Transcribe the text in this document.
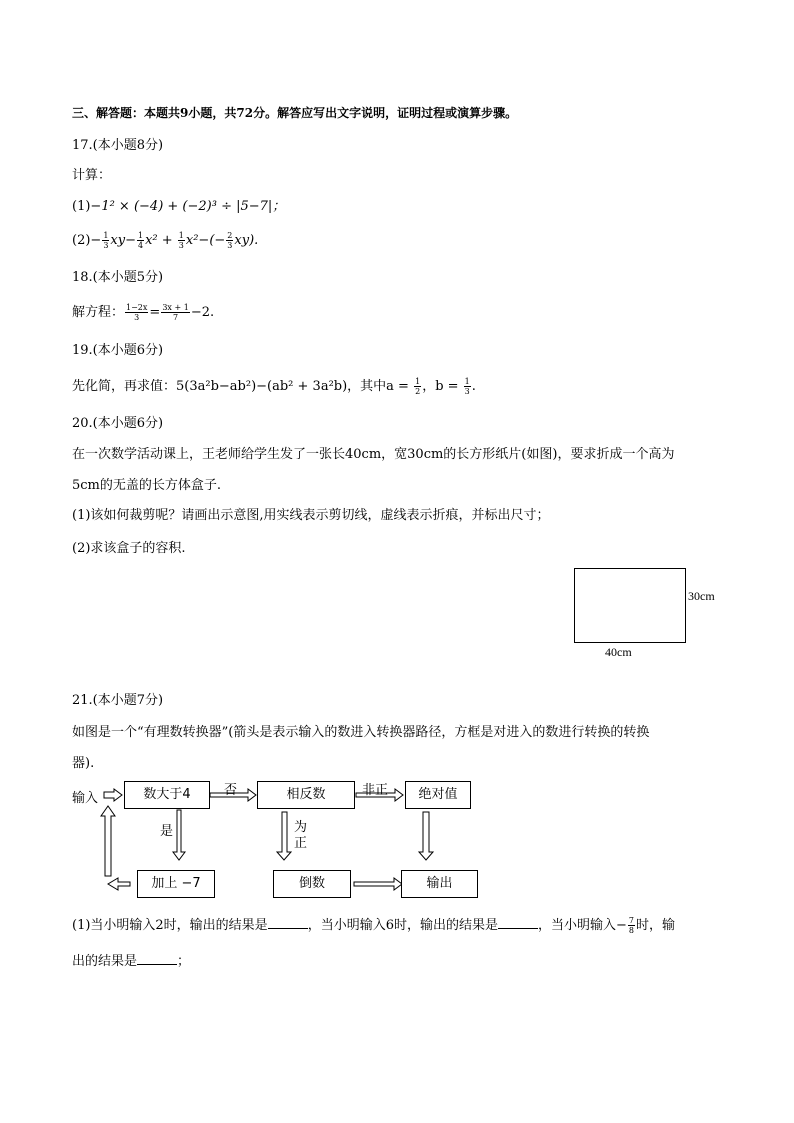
三、解答题：本题共9小题，共72分。解答应写出文字说明，证明过程或演算步骤。
17.(本小题8分)
计算：
(1)−1² × (−4) + (−2)³ ÷ |5−7|；
$(2)- \frac{1}{3} xy- \frac{1}{4} x^2 + \frac{1}{3} x^2-(- \frac{2}{3} xy)$.
18.(本小题5分)
解方程： $\frac{1-2x}{3} = \frac{3x + 1}{7} -2$.
19.(本小题6分)
先化简，再求值：5(3a²b−ab²)−(ab² + 3a²b)，其中$a = \frac{1}{2}$ ，$b = \frac{1}{3}$ .
20.(本小题6分)
在一次数学活动课上，王老师给学生发了一张长40cm，宽30cm的长方形纸片(如图)，要求折成一个高为
5cm的无盖的长方体盒子.
(1)该如何裁剪呢？请画出示意图,用实线表示剪切线，虚线表示折痕，并标出尺寸；
(2)求该盒子的容积.
30cm
40cm
21.(本小题7分)
如图是一个“有理数转换器”(箭头是表示输入的数进入转换器路径，方框是对进入的数进行转换的转换
器).
输入	数大于4	否	相反数	非正	绝对值
是	为
正
加上 −7	倒数	输出
(1)当小明输入2时，输出的结果是	，当小明输入6时，输出的结果是	，当小明输入− $\frac{7}{8}$ 时，输
出的结果是	；
